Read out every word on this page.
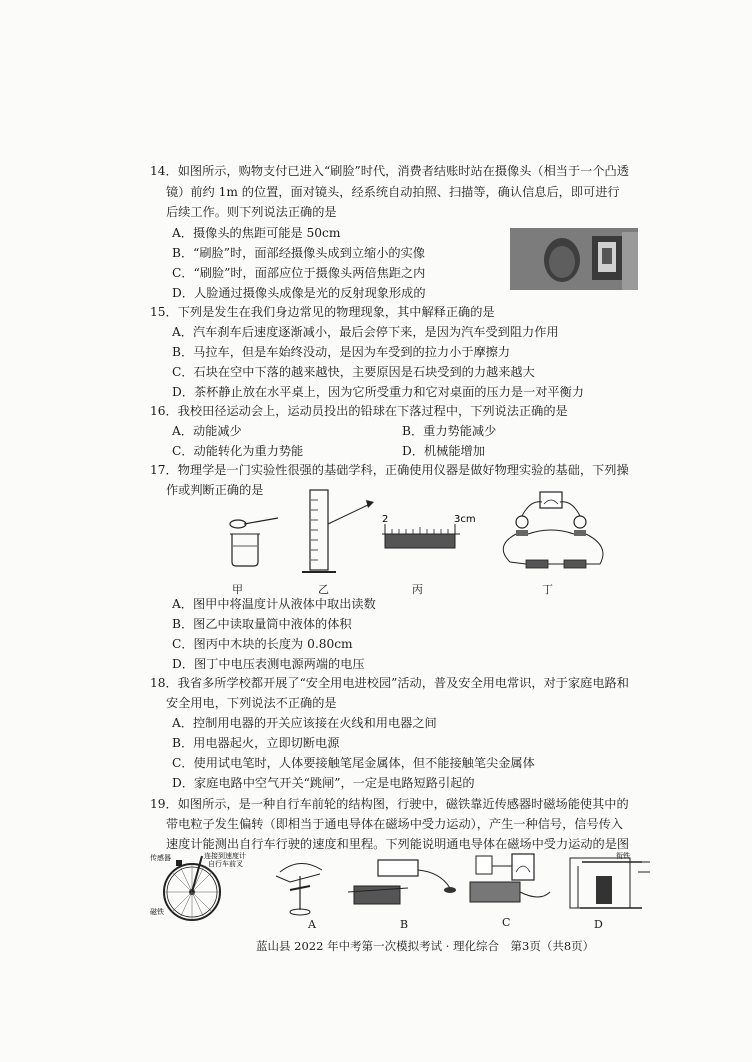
14．如图所示，购物支付已进入“刷脸”时代，消费者结账时站在摄像头（相当于一个凸透
镜）前约 1m 的位置，面对镜头，经系统自动拍照、扫描等，确认信息后，即可进行
后续工作。则下列说法正确的是
A．摄像头的焦距可能是 50cm
B．“刷脸”时，面部经摄像头成到立缩小的实像
C．“刷脸”时，面部应位于摄像头两倍焦距之内
D．人脸通过摄像头成像是光的反射现象形成的
15．下列是发生在我们身边常见的物理现象，其中解释正确的是
A．汽车刹车后速度逐渐减小，最后会停下来，是因为汽车受到阻力作用
B．马拉车，但是车始终没动，是因为车受到的拉力小于摩擦力
C．石块在空中下落的越来越快，主要原因是石块受到的力越来越大
D．茶杯静止放在水平桌上，因为它所受重力和它对桌面的压力是一对平衡力
16．我校田径运动会上，运动员投出的铅球在下落过程中，下列说法正确的是
A．动能减少	B．重力势能减少
C．动能转化为重力势能	D．机械能增加
17．物理学是一门实验性很强的基础学科，正确使用仪器是做好物理实验的基础，下列操
作或判断正确的是
2	3cm
甲	乙	丙	丁
A．图甲中将温度计从液体中取出读数
B．图乙中读取量筒中液体的体积
C．图丙中木块的长度为 0.80cm
D．图丁中电压表测电源两端的电压
18．我省多所学校都开展了“安全用电进校园”活动，普及安全用电常识，对于家庭电路和
安全用电，下列说法不正确的是
A．控制用电器的开关应该接在火线和用电器之间
B．用电器起火，立即切断电源
C．使用试电笔时，人体要接触笔尾金属体，但不能接触笔尖金属体
D．家庭电路中空气开关“跳闸”，一定是电路短路引起的
19．如图所示，是一种自行车前轮的结构图，行驶中，磁铁靠近传感器时磁场能使其中的
带电粒子发生偏转（即相当于通电导体在磁场中受力运动），产生一种信号，信号传入
速度计能测出自行车行驶的速度和里程。下列能说明通电导体在磁场中受力运动的是图
传感器	连接到速度计
自行车前叉
磁铁
衔铁
A	B	C	D
蓝山县 2022 年中考第一次模拟考试 · 理化综合　第3页（共8页）
